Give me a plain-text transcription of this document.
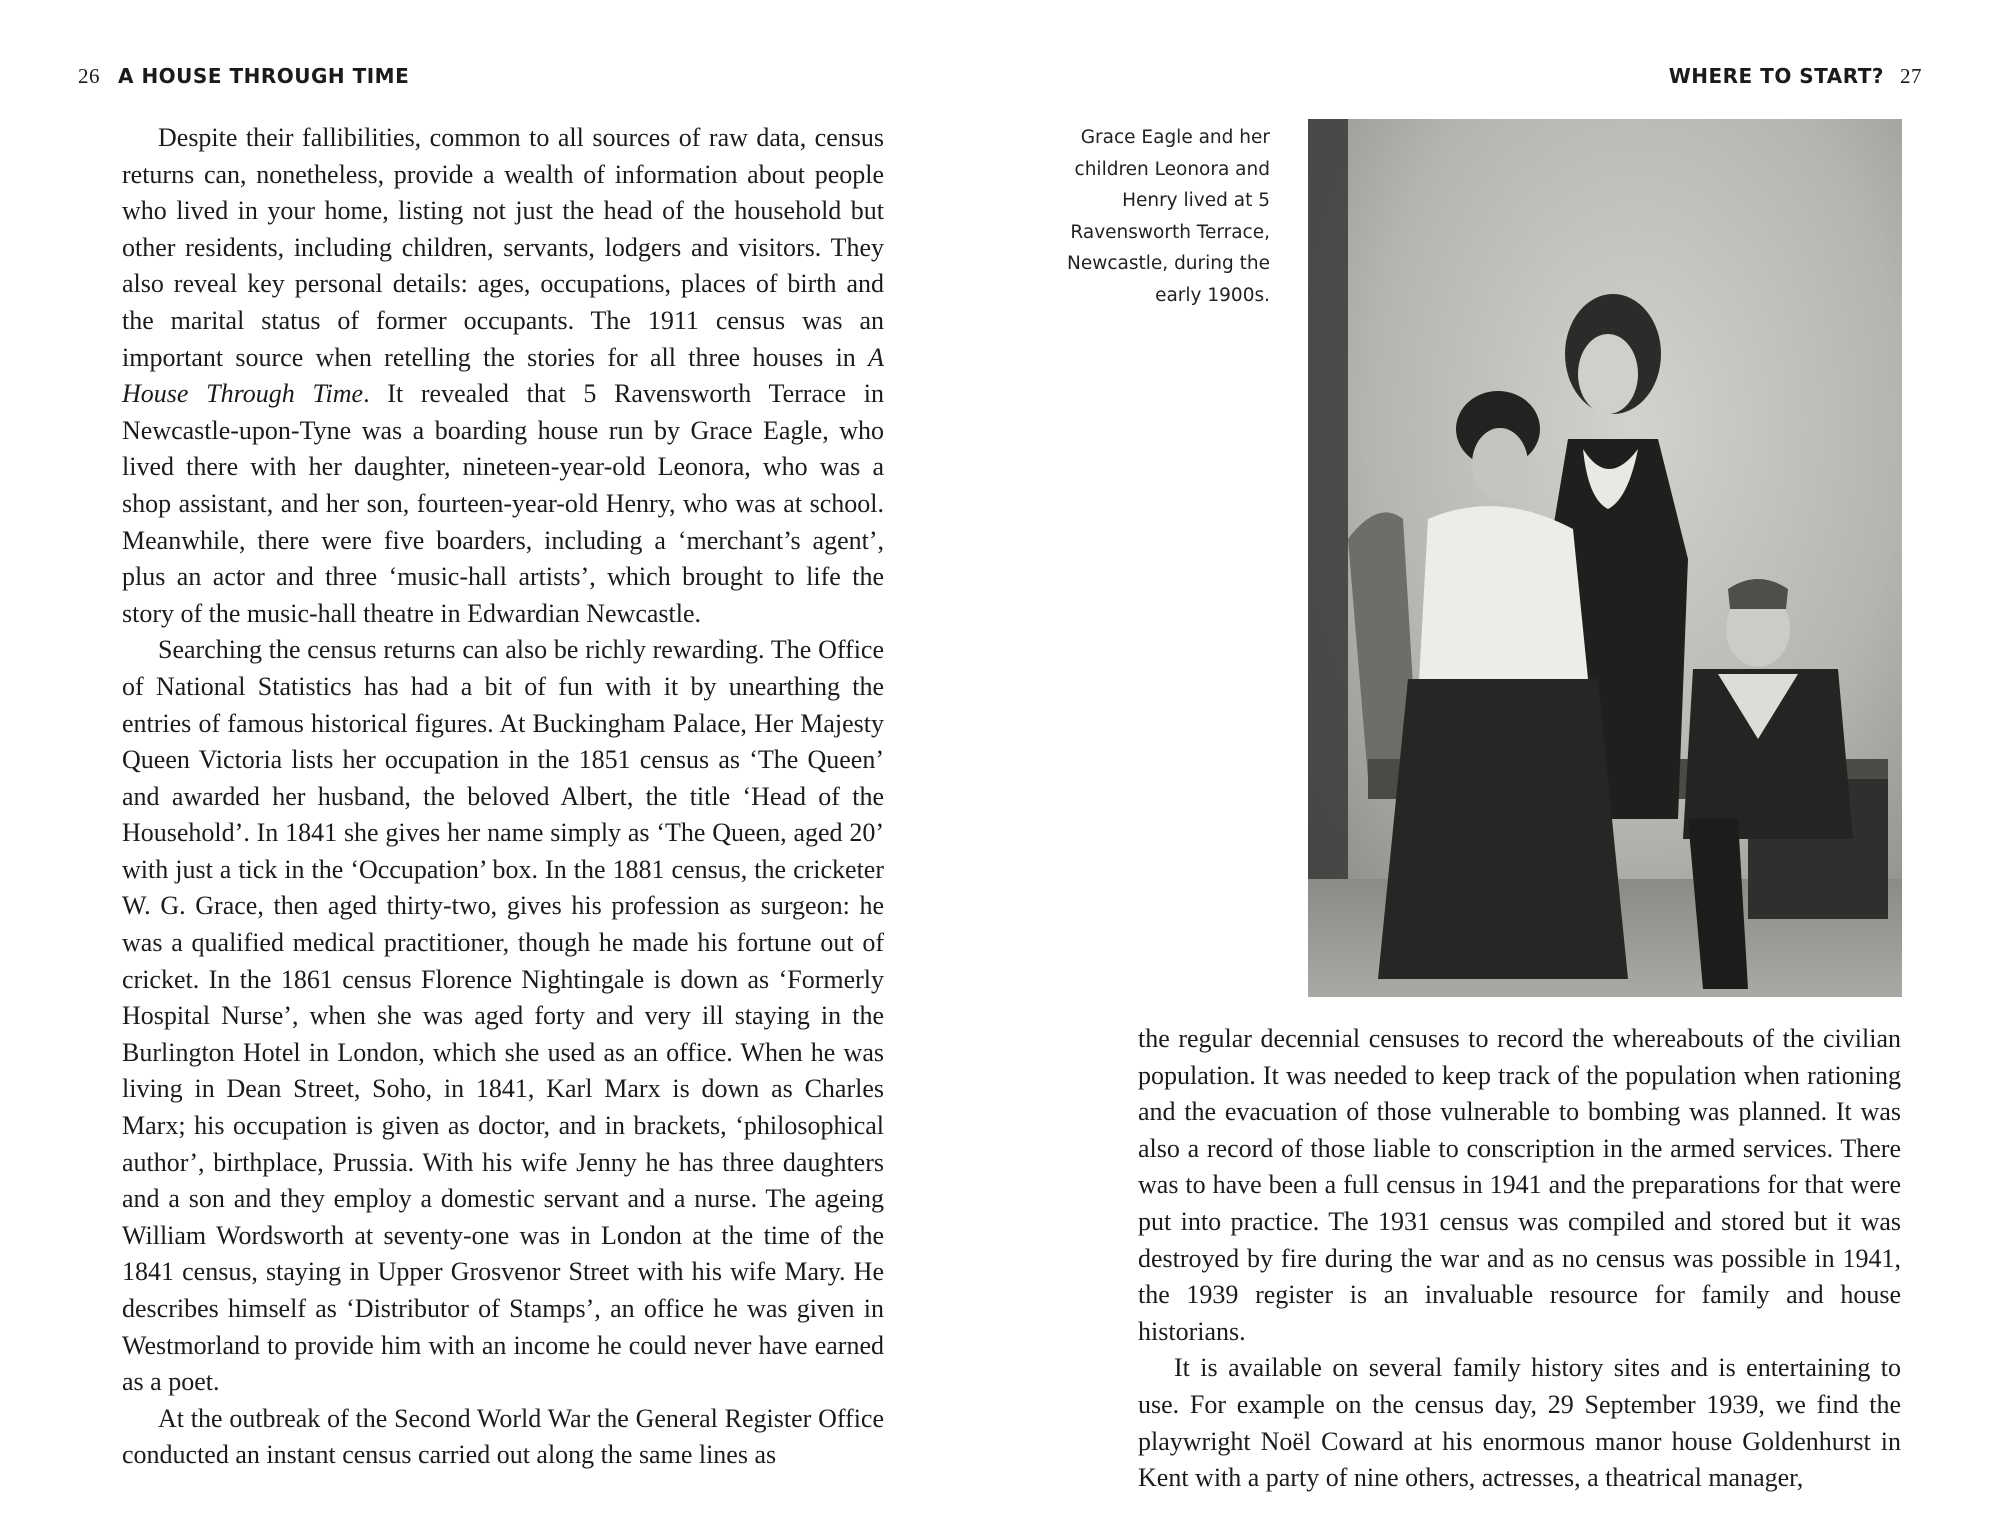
26 A HOUSE THROUGH TIME

Despite their fallibilities, common to all sources of raw data, census returns can, nonetheless, provide a wealth of information about people who lived in your home, listing not just the head of the household but other residents, including children, servants, lodgers and visitors. They also reveal key personal details: ages, occupations, places of birth and the marital status of former occupants. The 1911 census was an important source when retelling the stories for all three houses in A House Through Time. It revealed that 5 Ravensworth Terrace in Newcastle-upon-Tyne was a boarding house run by Grace Eagle, who lived there with her daughter, nineteen-year-old Leonora, who was a shop assistant, and her son, fourteen-year-old Henry, who was at school. Meanwhile, there were five boarders, including a ‘merchant’s agent’, plus an actor and three ‘music-hall artists’, which brought to life the story of the music-hall theatre in Edwardian Newcastle.

Searching the census returns can also be richly rewarding. The Office of National Statistics has had a bit of fun with it by unearthing the entries of famous historical figures. At Buckingham Palace, Her Majesty Queen Victoria lists her occupation in the 1851 census as ‘The Queen’ and awarded her husband, the beloved Albert, the title ‘Head of the Household’. In 1841 she gives her name simply as ‘The Queen, aged 20’ with just a tick in the ‘Occupation’ box. In the 1881 census, the cricketer W. G. Grace, then aged thirty-two, gives his profession as surgeon: he was a qualified medical practitioner, though he made his fortune out of cricket. In the 1861 census Florence Nightingale is down as ‘Formerly Hospital Nurse’, when she was aged forty and very ill staying in the Burlington Hotel in London, which she used as an office. When he was living in Dean Street, Soho, in 1841, Karl Marx is down as Charles Marx; his occupation is given as doctor, and in brackets, ‘philosophical author’, birthplace, Prussia. With his wife Jenny he has three daughters and a son and they employ a domestic servant and a nurse. The ageing William Wordsworth at seventy-one was in London at the time of the 1841 census, staying in Upper Grosvenor Street with his wife Mary. He describes himself as ‘Distributor of Stamps’, an office he was given in Westmorland to provide him with an income he could never have earned as a poet.

At the outbreak of the Second World War the General Register Office conducted an instant census carried out along the same lines as

WHERE TO START? 27
Grace Eagle and her children Leonora and Henry lived at 5 Ravensworth Terrace, Newcastle, during the early 1900s.

the regular decennial censuses to record the whereabouts of the civilian population. It was needed to keep track of the population when rationing and the evacuation of those vulnerable to bombing was planned. It was also a record of those liable to conscription in the armed services. There was to have been a full census in 1941 and the preparations for that were put into practice. The 1931 census was compiled and stored but it was destroyed by fire during the war and as no census was possible in 1941, the 1939 register is an invaluable resource for family and house historians.

It is available on several family history sites and is entertaining to use. For example on the census day, 29 September 1939, we find the playwright Noël Coward at his enormous manor house Goldenhurst in Kent with a party of nine others, actresses, a theatrical manager,
